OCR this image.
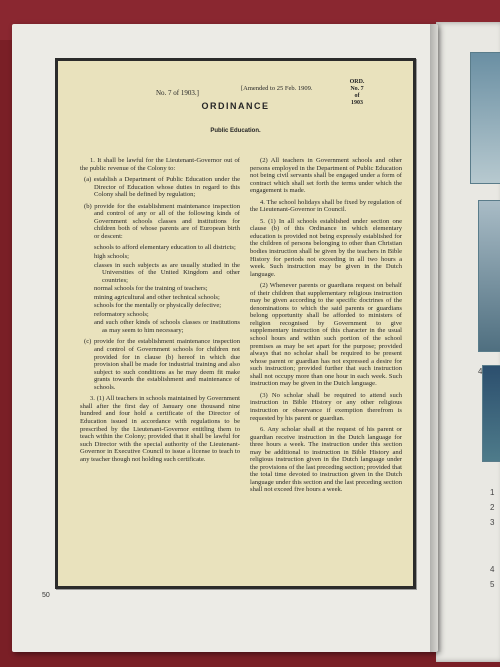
4
1
2
3
4
5
No. 7 of 1903.]
[Amended to 25 Feb. 1909.
ORD.
No. 7
of
1903
ORDINANCE
Public Education.

1. It shall be lawful for the Lieutenant-Governor out of the public revenue of the Colony to:

(a) establish a Department of Public Education under the Director of Education whose duties in regard to this Colony shall be defined by regulation;

(b) provide for the establishment maintenance inspection and control of any or all of the following kinds of Government schools classes and institutions for children both of whose parents are of European birth or descent:

schools to afford elementary education to all districts;

high schools;

classes in such subjects as are usually studied in the Universities of the United Kingdom and other countries;

normal schools for the training of teachers;

mining agricultural and other technical schools;

schools for the mentally or physically defective;

reformatory schools;

and such other kinds of schools classes or institutions as may seem to him necessary;

(c) provide for the establishment maintenance inspection and control of Government schools for children not provided for in clause (b) hereof in which due provision shall be made for industrial training and also subject to such conditions as he may deem fit make grants towards the establishment and maintenance of schools.

3. (1) All teachers in schools maintained by Government shall after the first day of January one thousand nine hundred and four hold a certificate of the Director of Education issued in accordance with regulations to be prescribed by the Lieutenant-Governor entitling them to teach within the Colony; provided that it shall be lawful for such Director with the special authority of the Lieutenant-Governor in Executive Council to issue a license to teach to any teacher though not holding such certificate.

(2) All teachers in Government schools and other persons employed in the Department of Public Education not being civil servants shall be engaged under a form of contract which shall set forth the terms under which the engagement is made.

4. The school holidays shall be fixed by regulation of the Lieutenant-Governor in Council.

5. (1) In all schools established under section one clause (b) of this Ordinance in which elementary education is provided not being expressly established for the children of persons belonging to other than Christian bodies instruction shall be given by the teachers in Bible History for periods not exceeding in all two hours a week. Such instruction may be given in the Dutch language.

(2) Whenever parents or guardians request on behalf of their children that supplementary religious instruction may be given according to the specific doctrines of the denominations to which the said parents or guardians belong opportunity shall be afforded to ministers of religion recognised by Government to give supplementary instruction of this character in the usual school hours and within such portion of the school premises as may be set apart for the purpose; provided always that no scholar shall be required to be present whose parent or guardian has not expressed a desire for such instruction; provided further that such instruction shall not occupy more than one hour in each week. Such instruction may be given in the Dutch language.

(3) No scholar shall be required to attend such instruction in Bible History or any other religious instruction or observance if exemption therefrom is requested by his parent or guardian.

6. Any scholar shall at the request of his parent or guardian receive instruction in the Dutch language for three hours a week. The instruction under this section may be additional to instruction in Bible History and religious instruction given in the Dutch language under the provisions of the last preceding section; provided that the total time devoted to instruction given in the Dutch language under this section and the last preceding section shall not exceed five hours a week.

50
